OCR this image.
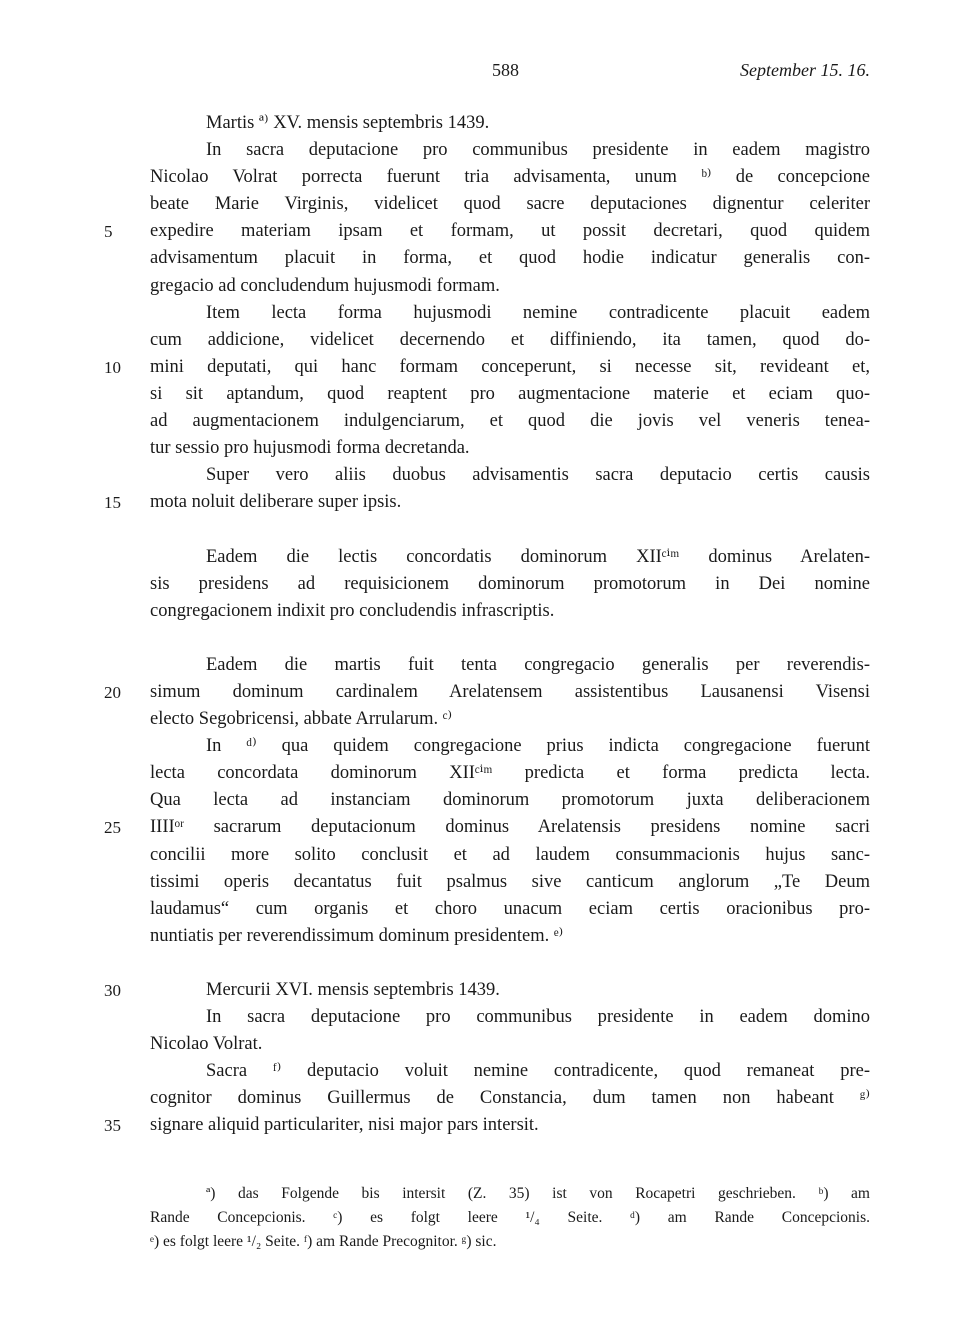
588	September 15. 16.
Martis ª⁾ XV. mensis septembris 1439.
In sacra deputacione pro communibus presidente in eadem magistro
Nicolao Volrat porrecta fuerunt tria advisamenta, unum ᵇ⁾ de concepcione
beate Marie Virginis, videlicet quod sacre deputaciones dignentur celeriter
5	expedire materiam ipsam et formam, ut possit decretari, quod quidem
advisamentum placuit in forma, et quod hodie indicatur generalis con-
gregacio ad concludendum hujusmodi formam.
Item lecta forma hujusmodi nemine contradicente placuit eadem
cum addicione, videlicet decernendo et diffiniendo, ita tamen, quod do-
10	mini deputati, qui hanc formam conceperunt, si necesse sit, revideant et,
si sit aptandum, quod reaptent pro augmentacione materie et eciam quo-
ad augmentacionem indulgenciarum, et quod die jovis vel veneris tenea-
tur sessio pro hujusmodi forma decretanda.
Super vero aliis duobus advisamentis sacra deputacio certis causis
15	mota noluit deliberare super ipsis.
Eadem die lectis concordatis dominorum XIIᶜⁱᵐ dominus Arelaten-
sis presidens ad requisicionem dominorum promotorum in Dei nomine
congregacionem indixit pro concludendis infrascriptis.
Eadem die martis fuit tenta congregacio generalis per reverendis-
20	simum dominum cardinalem Arelatensem assistentibus Lausanensi Visensi
electo Segobricensi, abbate Arrularum. ᶜ⁾
In ᵈ⁾ qua quidem congregacione prius indicta congregacione fuerunt
lecta concordata dominorum XIIᶜⁱᵐ predicta et forma predicta lecta.
Qua lecta ad instanciam dominorum promotorum juxta deliberacionem
25	IIIIᵒʳ sacrarum deputacionum dominus Arelatensis presidens nomine sacri
concilii more solito conclusit et ad laudem consummacionis hujus sanc-
tissimi operis decantatus fuit psalmus sive canticum anglorum „Te Deum
laudamus“ cum organis et choro unacum eciam certis oracionibus pro-
nuntiatis per reverendissimum dominum presidentem. ᵉ⁾
30	Mercurii XVI. mensis septembris 1439.
In sacra deputacione pro communibus presidente in eadem domino
Nicolao Volrat.
Sacra ᶠ⁾ deputacio voluit nemine contradicente, quod remaneat pre-
cognitor dominus Guillermus de Constancia, dum tamen non habeant ᵍ⁾
35	signare aliquid particulariter, nisi major pars intersit.
ª) das Folgende bis intersit (Z. 35) ist von Rocapetri geschrieben. ᵇ) am
Rande Concepcionis. ᶜ) es folgt leere ¹/₄ Seite. ᵈ) am Rande Concepcionis.
ᵉ) es folgt leere ¹/₂ Seite. ᶠ) am Rande Precognitor. ᵍ) sic.
